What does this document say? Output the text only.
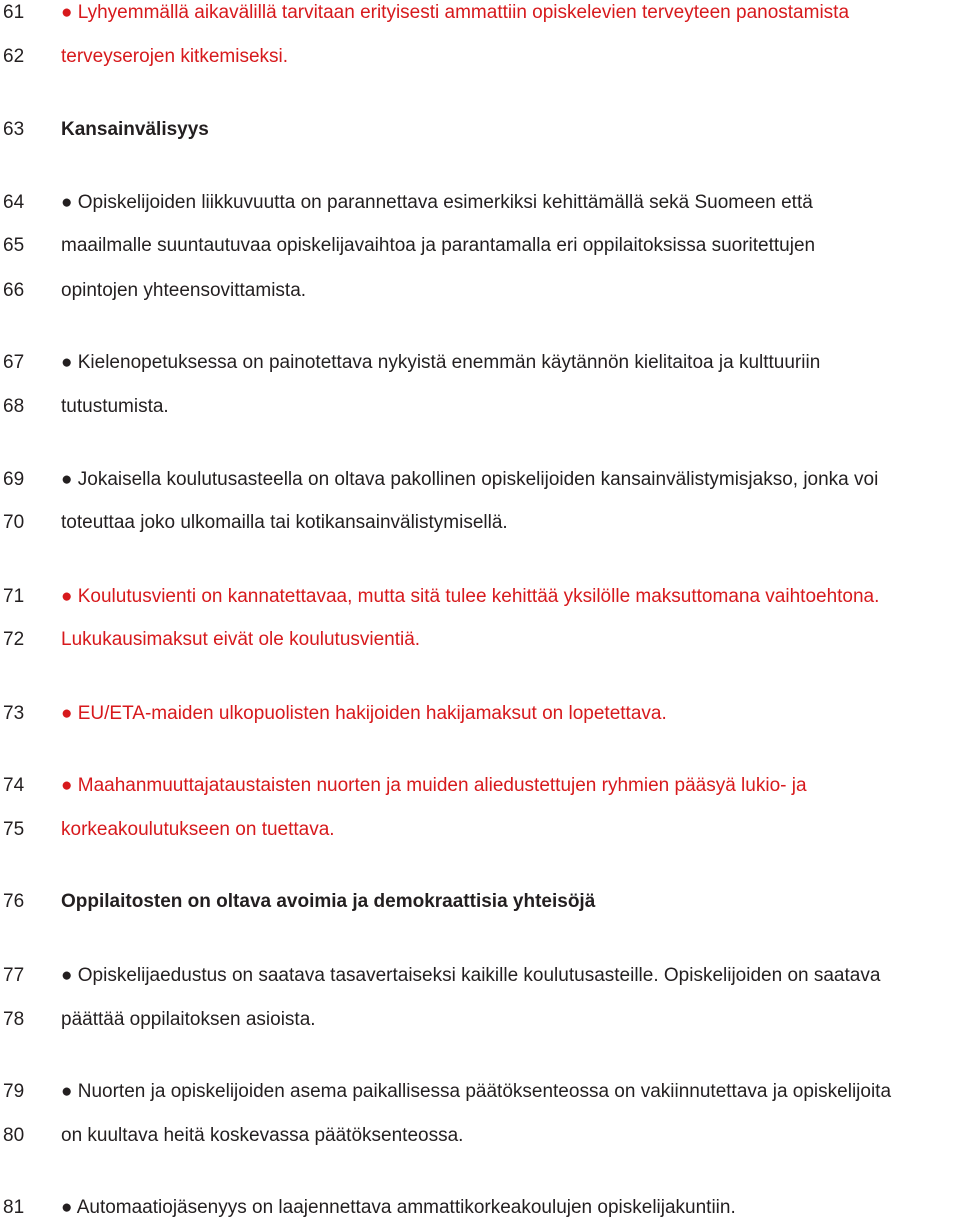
61	● Lyhyemmällä aikavälillä tarvitaan erityisesti ammattiin opiskelevien terveyteen panostamista
62	terveyserojen kitkemiseksi.
63	Kansainvälisyys
64	● Opiskelijoiden liikkuvuutta on parannettava esimerkiksi kehittämällä sekä Suomeen että
65	maailmalle suuntautuvaa opiskelijavaihtoa ja parantamalla eri oppilaitoksissa suoritettujen
66	opintojen yhteensovittamista.
67	● Kielenopetuksessa on painotettava nykyistä enemmän käytännön kielitaitoa ja kulttuuriin
68	tutustumista.
69	● Jokaisella koulutusasteella on oltava pakollinen opiskelijoiden kansainvälistymisjakso, jonka voi
70	toteuttaa joko ulkomailla tai kotikansainvälistymisellä.
71	● Koulutusvienti on kannatettavaa, mutta sitä tulee kehittää yksilölle maksuttomana vaihtoehtona.
72	Lukukausimaksut eivät ole koulutusvientiä.
73	● EU/ETA-maiden ulkopuolisten hakijoiden hakijamaksut on lopetettava.
74	● Maahanmuuttajataustaisten nuorten ja muiden aliedustettujen ryhmien pääsyä lukio- ja
75	korkeakoulutukseen on tuettava.
76	Oppilaitosten on oltava avoimia ja demokraattisia yhteisöjä
77	● Opiskelijaedustus on saatava tasavertaiseksi kaikille koulutusasteille. Opiskelijoiden on saatava
78	päättää oppilaitoksen asioista.
79	● Nuorten ja opiskelijoiden asema paikallisessa päätöksenteossa on vakiinnutettava ja opiskelijoita
80	on kuultava heitä koskevassa päätöksenteossa.
81	● Automaatiojäsenyys on laajennettava ammattikorkeakoulujen opiskelijakuntiin.
